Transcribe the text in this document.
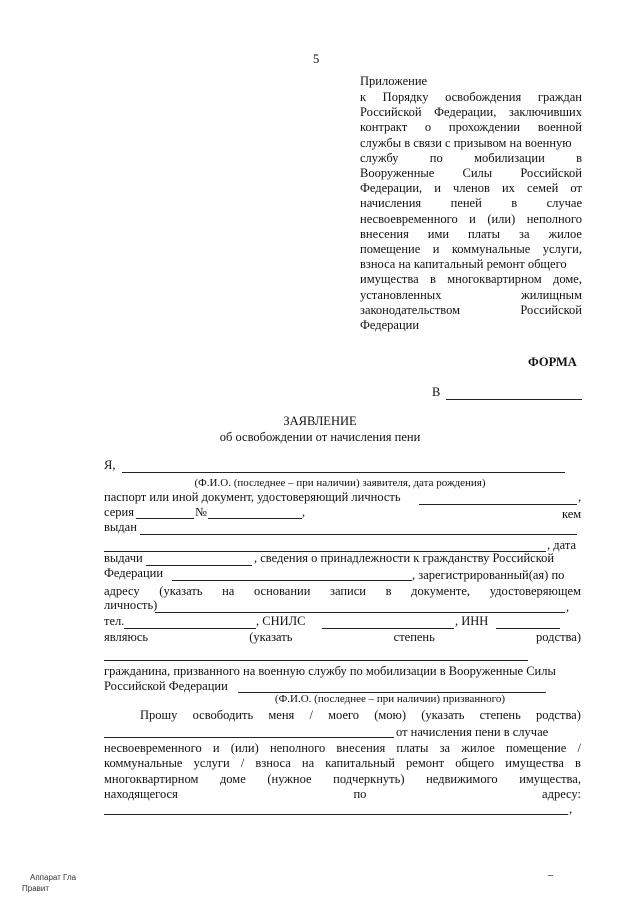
5
Приложение
к Порядку освобождения граждан
Российской Федерации, заключивших
контракт о прохождении военной
службы в связи с призывом на военную
службу	по	мобилизации	в
Вооруженные Силы Российской
Федерации, и членов их семей от
начисления пеней в случае
несвоевременного и (или) неполного
внесения ими платы за жилое
помещение и коммунальные услуги,
взноса на капитальный ремонт общего
имущества в многоквартирном доме,
установленных	жилищным
законодательством	Российской
Федерации
ФОРМА
В
ЗАЯВЛЕНИЕ
об освобождении от начисления пени
Я,
(Ф.И.О. (последнее – при наличии) заявителя, дата рождения)
паспорт или иной документ, удостоверяющий личность	,
серия	№	,	кем
выдан
, дата
выдачи	, сведения о принадлежности к гражданству Российской
Федерации	, зарегистрированный(ая) по
адресу (указать на основании записи в документе, удостоверяющем
личность)	,
тел.	, СНИЛС	, ИНН
являюсь	(указать	степень	родства)
гражданина, призванного на военную службу по мобилизации в Вооруженные Силы
Российской Федерации
(Ф.И.О. (последнее – при наличии) призванного)
Прошу освободить меня / моего (мою) (указать степень родства)
от начисления пени в случае
несвоевременного и (или) неполного внесения платы за жилое помещение /
коммунальные услуги / взноса на капитальный ремонт общего имущества в
многоквартирном доме (нужное подчеркнуть) недвижимого имущества,
находящегося	по	адресу:
,
Аппарат Гла
Правит
